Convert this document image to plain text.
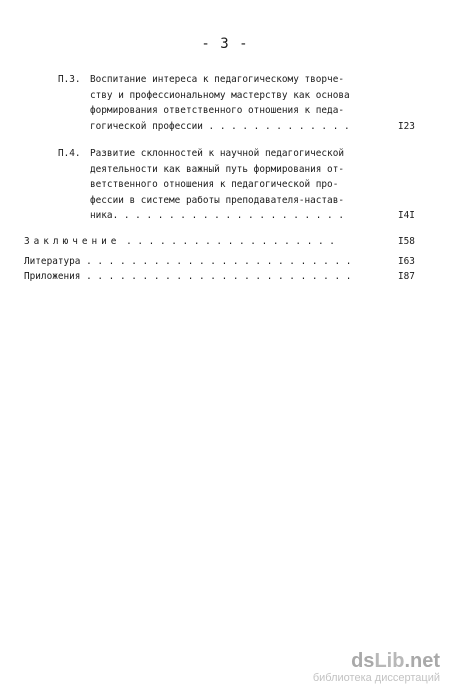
- 3 -
П.3. Воспитание интереса к педагогическому творче-
ству и профессиональному мастерству как основа
формирования ответственного отношения к педа-
гогической профессии . . . . . . . . . . . . .	I23
П.4. Развитие склонностей к научной педагогической
деятельности как важный путь формирования от-
ветственного отношения к педагогической про-
фессии в системе работы преподавателя-настав-
ника. . . . . . . . . . . . . . . . . . . . .	I4I
Заключение . . . . . . . . . . . . . . . . . . .	I58
Литература . . . . . . . . . . . . . . . . . . . . . . . .	I63
Приложения . . . . . . . . . . . . . . . . . . . . . . . .	I87
dsLib.net
библиотека диссертаций
